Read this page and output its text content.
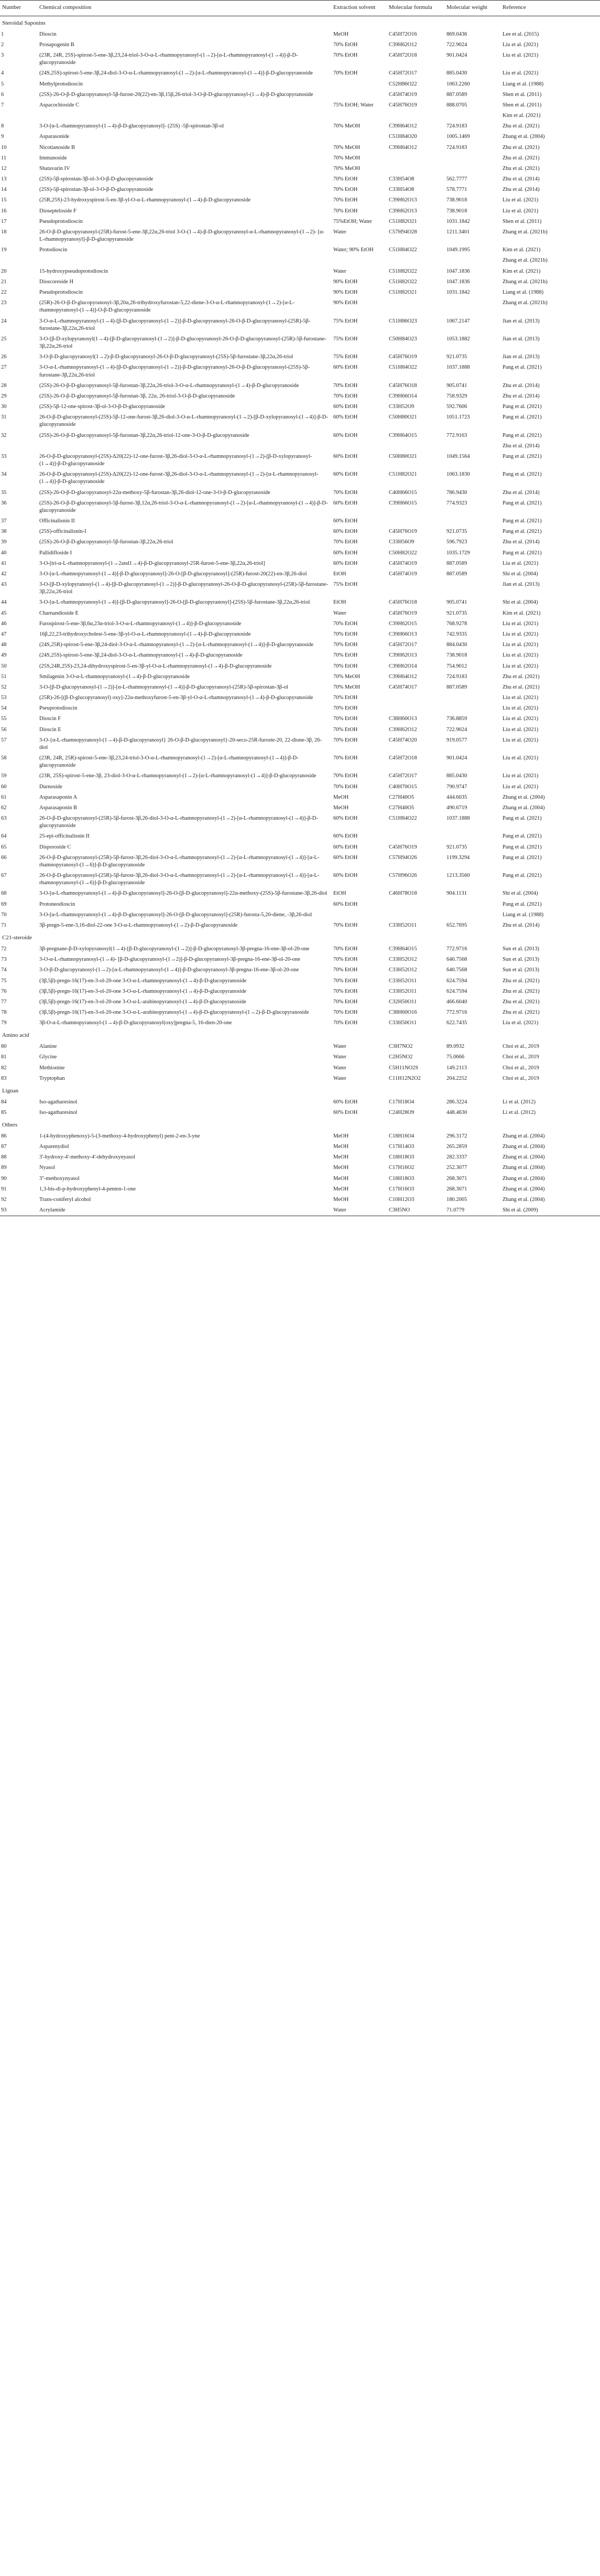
Number	Chemical composition	Extraction solvent	Molecular formula	Molecular weight	Reference
Steroidal Saponins					
1	Dioscin	MeOH	C45H72O16	869.0436	Lee et al. (2015)
2	Prosapogenin B	70% EtOH	C39H62O12	722.9024	Liu et al. (2021)
3	(23R, 24R, 25S)-spirost-5-ene-3β,23,24-triol-3-O-α-L-rhamnopyranosyl-(1→2)-[α-L-rhamnopyranosyl-(1→4)]-β-D-glucopyranoside	70% EtOH	C45H72O18	901.0424	Liu et al. (2021)
4	(24S,25S)-spirost-5-ene-3β,24-diol-3-O-α-L-rhamnopyranosyl-(1→2)-[α-L-rhamnopyranosyl-(1→4)]-β-D-glucopyranoside	70% EtOH	C45H72O17	885.0430	Liu et al. (2021)
5	Methylprotodioscin		C52H86O22	1063.2260	Liang et al. (1988)
6	(25S)-26-O-β-D-glucopyranosyl-5β-furost-20(22)-en-3β,15β,26-triol-3-O-β-D-glucopyranosyl-(1→4)-β-D-glucopyranoside		C45H74O19	887.0589	Shen et al. (2011)
7	Aspacochioside C	75% EtOH; Water	C45H76O19	888.0705	Shen et al. (2011)
					Kim et al. (2021)
8	3-O-[α-L-rhamnopyranosyl-(1→4)-β-D-glucopyranosyl]- (25S) -5β-spirostan-3β-ol	70% MeOH	C39H64O12	724.9183	Zhu et al. (2021)
9	Asparasonide		C51H84O20	1005.1469	Zhang et al. (2004)
10	Nicotianoside B	70% MeOH	C39H64O12	724.9183	Zhu et al. (2021)
11	Immunoside	70% MeOH			Zhu et al. (2021)
12	Shatavarin IV	70% MeOH			Zhu et al. (2021)
13	(25S)-5β-spirostan-3β-ol-3-O-β-D-glucopyranoside	70% EtOH	C33H54O8	562.7777	Zhu et al. (2014)
14	(25S)-5β-spirostan-3β-ol-3-O-β-D-glucopyranoside	70% EtOH	C33H54O8	578.7771	Zhu et al. (2014)
15	(25R,25S)-23-hydroxyspirost-5-en-3β-yl-O-α-L-rhamnopyranosyl-(1→4)-β-D-glucopyranoside	70% EtOH	C39H62O13	738.9018	Liu et al. (2021)
16	Diosepteloside F	70% EtOH	C39H62O13	738.9018	Liu et al. (2021)
17	Pseudoprotodioscin	75%EtOH; Water	C51H82O21	1031.1842	Shen et al. (2011)
18	26-O-β-D-glucopyranosyl-(25R)-furost-5-ene-3β,22α,26-triol 3-O-(1→4)-β-D-glucopyranosyl-α-L-rhamnopyranosyl-(1→2)- [α-L-rhamnopyranosyl]-β-D-glucopyranoside	Water	C57H94O28	1211.3401	Zhang et al. (2021b)
19	Protodioscin	Water; 90% EtOH	C51H84O22	1049.1995	Kim et al. (2021)
					Zhang et al. (2021b)
20	15-hydroxypseudoprotodioscin	Water	C51H82O22	1047.1836	Kim et al. (2021)
21	Dioscoreside H	90% EtOH	C51H82O22	1047.1836	Zhang et al. (2021b)
22	Pseudoprotodioscin	90% EtOH	C51H82O21	1031.1842	Liang et al. (1988)
23	(25R)-26-O-β-D-glucopyranosyl-3β,20α,26-trihydroxyfurostan-5,22-diene-3-O-α-L-rhamnopyranosyl-(1→2)-[α-L-rhamnopyranosyl-(1→4)]-O-β-D-glucopyranoside	90% EtOH			Zhang et al. (2021b)
24	3-O-α-L-rhamnopyranosyl-(1→4)-[β-D-glucopyranosyl-(1→2)]-β-D-glucopyranosyl-26-O-β-D-glucopyranosyl-(25R)-5β-furostane-3β,22α,26-triol	75% EtOH	C51H86O23	1067.2147	Jian et al. (2013)
25	3-O-[β-D-xylopyranosyl(1→4)-[β-D-glucopyranosyl-(1→2)]-β-D-glucopyranosyl-26-O-β-D-glucopyranosyl-(25R)-5β-furostane-3β,22α,26-triol	75% EtOH	C50H84O23	1053.1882	Jian et al. (2013)
26	3-O-β-D-glucopyranosyl(1→2)-β-D-glucopyranosyl-26-O-β-D-glucopyranosyl-(25S)-5β-furostane-3β,22α,26-triol	75% EtOH	C45H76O19	921.0735	Jian et al. (2013)
27	3-O-α-L-rhamnopyranosyl-(1→4)-[β-D-glucopyranosyl-(1→2)]-β-D-glucopyranosyl-26-O-β-D-glucopyranosyl-(25S)-5β-furostane-3β,22α,26-triol	60% EtOH	C51H84O22	1037.1888	Pang et al. (2021)
28	(25S)-26-O-β-D-glucopyranosyl-5β-furostan-3β,22α,26-triol-3-O-α-L-rhamnopyranosyl-(1→4)-β-D-glucopyranoside	70% EtOH	C45H76O18	905.0741	Zhu et al. (2014)
29	(25S)-26-O-β-D-glucopyranosyl-5β-furostan-3β, 22α, 26-triol-3-O-β-D-glucopyranoside	70% EtOH	C39H66O14	758.9329	Zhu et al. (2014)
30	(25S)-5β-12-one-spirost-3β-ol-3-O-β-D-glucopyranoside	60% EtOH	C33H52O9	592.7606	Pang et al. (2021)
31	26-O-β-D-glucopyranosyl-(25S)-5β-12-one-furost-3β,26-diol-3-O-α-L-rhamnopyranosyl-(1→2)-[β-D-xylopyranosyl-(1→4)]-β-D-glucopyranoside	60% EtOH	C50H80O21	1051.1723	Pang et al. (2021)
32	(25S)-26-O-β-D-glucopyranosyl-5β-furostan-3β,22α,26-triol-12-one-3-O-β-D-glucopyranoside	60% EtOH	C39H64O15	772.9163	Pang et al. (2021)
					Zhu et al. (2014)
33	26-O-β-D-glucopyranosyl-(25S)-Δ20(22)-12-one-furost-3β,26-diol-3-O-α-L-rhamnopyranosyl-(1→2)-[β-D-xylopyranosyl-(1→4)]-β-D-glucopyranoside	60% EtOH	C50H80O21	1049.1564	Pang et al. (2021)
34	26-O-β-D-glucopyranosyl-(25S)-Δ20(22)-12-one-furost-3β,26-diol-3-O-α-L-rhamnopyranosyl-(1→2)-[α-L-rhamnopyranosyl-(1→4)]-β-D-glucopyranoside	60% EtOH	C51H82O21	1063.1830	Pang et al. (2021)
35	(25S)-26-O-β-D-glucopyranosyl-22α-methoxy-5β-furostan-3β,26-diol-12-one-3-O-β-D-glucopyranoside	70% EtOH	C40H66O15	786.9430	Zhu et al. (2014)
36	(25S)-26-O-β-D-glucopyranosyl-5β-furost-3β,12α,26-triol-3-O-α-L-rhamnopyranosyl-(1→2)-[α-L-rhamnopyranosyl-(1→4)]-β-D-glucopyranoside	60% EtOH	C39H66O15	774.9323	Pang et al. (2021)
37	Officinalisnin II	60% EtOH			Pang et al. (2021)
38	(25S)-officinalisnin-I	60% EtOH	C45H76O19	921.0735	Pang et al. (2021)
39	(25S)-26-O-β-D-glucopyranosyl-5β-furostan-3β,22α,26-triol	70% EtOH	C33H56O9	596.7923	Zhu et al. (2014)
40	Pallidifloside I	60% EtOH	C50H82O22	1035.1729	Pang et al. (2021)
41	3-O-[tri-α-L-rhamnopyranosyl-(1→2and1→4)-β-D-glucopyranosyl-25R-furost-5-ene-3β,22α,26-triol]	60% EtOH	C45H74O19	887.0589	Liu et al. (2021)
42	3-O-[α-L-rhamnopyranosyl-(1→4)]-β-D-glucopyranosyl]-26-O-[β-D-glucopyranosyl]-(25R)-furost-20(22)-en-3β,26-diol	EtOH	C45H74O19	887.0589	Shi et al. (2004)
43	3-O-[β-D-xylopyranosyl-(1→4)-[β-D-glucopyranosyl-(1→2)]-β-D-glucopyranosyl-26-O-β-D-glucopyranosyl-(25R)-5β-furostane-3β,22α,26-triol	75% EtOH			Jian et al. (2013)
44	3-O-[α-L-rhamnopyranosyl-(1→4)]-[β-D-glucopyranosyl]-26-O-[β-D-glucopyranosyl]-(25S)-5β-furostane-3β,22α,26-triol	EtOH	C45H76O18	905.0741	Shi et al. (2004)
45	Charnandioside E	Water	C45H76O19	921.0735	Kim et al. (2021)
46	Furospirost-5-ene-3β,6α,23α-triol-3-O-α-L-rhamnopyranosyl-(1→4)]-β-D-glucopyranoside	70% EtOH	C39H62O15	768.9278	Liu et al. (2021)
47	16β,22,23-trihydroxycholest-5-ene-3β-yl-O-α-L-rhamnopyranosyl-(1→4)-β-D-glucopyranoside	70% EtOH	C39H66O13	742.9335	Liu et al. (2021)
48	(24S,25R)-spirost-5-ene-3β,24-diol-3-O-α-L-rhamnopyranosyl-(1→2)-[α-L-rhamnopyranosyl-(1→4)]-β-D-glucopyranoside	70% EtOH	C45H72O17	884.0430	Liu et al. (2021)
49	(24S,25S)-spirost-5-ene-3β,24-diol-3-O-α-L-rhamnopyranosyl-(1→4)-β-D-glucopyranoside	70% EtOH	C39H62O13	738.9018	Liu et al. (2021)
50	(25S,24R,25S)-23,24-dihydroxyspirost-5-en-3β-yl-O-α-L-rhamnopyranosyl-(1→4)-β-D-glucopyranoside	70% EtOH	C39H62O14	754.9012	Liu et al. (2021)
51	Smilagenin 3-O-α-L-rhamnopyranosyl-(1→4)-β-D-glucopyranoside	70% MeOH	C39H64O12	724.9183	Zhu et al. (2021)
52	3-O-[β-D-glucopyranosyl-(1→2)]-[α-L-rhamnopyranosyl-(1→4)]-β-D-glucopyranosyl-(25R)-5β-spirostan-3β-ol	70% MeOH	C45H74O17	887.0589	Zhu et al. (2021)
53	(25R)-26-[(β-D-glucopyranosyl) oxy]-22α-methoxyfurost-5-en-3β-yl-O-α-L-rhamnopyranosyl-(1→4)-β-D-glucopyranoside	70% EtOH			Liu et al. (2021)
54	Pseuprotodioscin	70% EtOH			Liu et al. (2021)
55	Dioscin F	70% EtOH	C38H60O13	736.8859	Liu et al. (2021)
56	Dioscin E	70% EtOH	C39H62O12	722.9024	Liu et al. (2021)
57	3-O-{α-L-rhamnopyranosyl-(1→4)-β-D-glucopyranosyl} 26-O-β-D-glucopyranosyl}-20-seco-25R-furoste-20, 22-dione-3β, 26-diol	70% EtOH	C45H74O20	919.0577	Liu et al. (2021)
58	(23R, 24R, 25R)-spirost-5-ene-3β,23,24-triol-3-O-α-L-rhamnopyranosyl-(1→2)-[α-L-rhamnopyranosyl-(1→4)]-β-D-glucopyranoside	70% EtOH	C45H72O18	901.0424	Liu et al. (2021)
59	(23R, 25S)-spirost-5-ene-3β, 23-diol-3-O-α-L-rhamnopyranosyl-(1→2)-[α-L-rhamnopyranosyl-(1→4)]-β-D-glucopyranoside	70% EtOH	C45H72O17	885.0430	Liu et al. (2021)
60	Durnoside	70% EtOH	C40H70O15	790.9747	Liu et al. (2021)
61	Asparasaponin A	MeOH	C27H40O5	444.6035	Zhang et al. (2004)
62	Asparasaponin B	MeOH	C27H40O5	490.6719	Zhang et al. (2004)
63	26-O-β-D-glucopyranosyl-(25R)-5β-furost-3β,26-diol-3-O-α-L-rhamnopyranosyl-(1→2)-[α-L-rhamnopyranosyl-(1→4)]-β-D-glucopyranoside	60% EtOH	C51H84O22	1037.1888	Pang et al. (2021)
64	25-epi-officinalisnin II	60% EtOH			Pang et al. (2021)
65	Disporoside C	60% EtOH	C45H76O19	921.0735	Pang et al. (2021)
66	26-O-β-D-glucopyranosyl-(25R)-5β-furost-3β,26-diol-3-O-α-L-rhamnopyranosyl-(1→2)-[α-L-rhamnopyranosyl-(1→4)]-[α-L-rhamnopyranosyl-(1→6)]-β-D-glucopyranoside	60% EtOH	C57H94O26	1199.3294	Pang et al. (2021)
67	26-O-β-D-glucopyranosyl-(25R)-5β-furost-3β,26-diol-3-O-α-L-rhamnopyranosyl-(1→2)-[α-L-rhamnopyranosyl-(1→4)]-[α-L-rhamnopyranosyl-(1→6)]-β-D-glucopyranoside	60% EtOH	C57H96O26	1213.3560	Pang et al. (2021)
68	3-O-[α-L-rhamnopyranosyl-(1→4)-β-D-glucopyranosyl]-26-O-[β-D-glucopyranosyl]-22α-methoxy-(25S)-5β-furostane-3β,26-diol	EtOH	C46H78O18	904.1131	Shi et al. (2004)
69	Protoneodioscin	60% EtOH			Pang et al. (2021)
70	3-O-[α-L-rhamnopyranosyl-(1→4)-β-D-glucopyranosyl]-26-O-[β-D-glucopyranosyl]-(25R)-furosta-5,20-diene, -3β,26-diol				Liang et al. (1988)
71	3β-pregn-5-ene-3,16-diol-22-one 3-O-α-L-rhamnopyranosyl-(1→2)-β-D-glucopyranoside	70% EtOH	C33H52O11	652.7695	Zhu et al. (2014)
C21-steroide					
72	3β-pregnane-β-D-xylopyranosyl(1→4)-[β-D-glucopyranosyl-(1→2)]-β-D-glucopyranosyl-3β-pregna-16-ene-3β-ol-20-one	70% EtOH	C39H64O15	772.9716	Sun et al. (2013)
73	3-O-α-L-rhamnopyranosyl-(1→4)- [β-D-glucopyranosyl-(1→2)]-β-D-glucopyranosyl-3β-pregna-16-ene-3β-ol-20-one	70% EtOH	C33H52O12	640.7568	Sun et al. (2013)
74	3-O-β-D-glucopyranosyl-(1→2)-[α-L-rhamnopyranosyl-(1→4)]-β-D-glucopyranosyl-3β-pregna-16-ene-3β-ol-20-one	70% EtOH	C33H52O12	640.7568	Sun et al. (2013)
75	(3β,5β)-pregn-16(17)-en-3-ol-20-one 3-O-α-L-rhamnopyranosyl-(1→4)-β-D-glucopyranoside	70% EtOH	C33H52O11	624.7594	Zhu et al. (2021)
76	(3β,5β)-pregn-16(17)-en-3-ol-20-one 3-O-α-L-rhamnopyranosyl-(1→4)-β-D-glucopyranoside	70% EtOH	C33H52O11	624.7594	Zhu et al. (2021)
77	(3β,5β)-pregn-16(17)-en-3-ol-20-one 3-O-α-L-arabinopyranosyl-(1→4)-β-D-glucopyranoside	70% EtOH	C32H50O11	466.6040	Zhu et al. (2021)
78	(3β,5β)-pregn-16(17)-en-3-ol-20-one 3-O-α-L-arabinopyranosyl-(1→4)-β-D-glucopyranosyl-(1→2)-β-D-glucopyranoside	70% EtOH	C38H60O16	772.9716	Zhu et al. (2021)
79	3β-O-α-L-rhamnopyranosyl-(1→4)-β-D-glucopyranosyl(oxy]pregna-5, 16-dien-20-one	70% EtOH	C33H50O11	622.7435	Liu et al. (2021)
Amino acid					
80	Alanine	Water	C3H7NO2	89.0932	Choi et al., 2019
81	Glycine	Water	C2H5NO2	75.0666	Choi et al., 2019
82	Methionine	Water	C5H11NO2S	149.2113	Choi et al., 2019
83	Tryptophan	Water	C11H12N2O2	204.2252	Choi et al., 2019
Lignan					
84	Iso-agatharesinol	60% EtOH	C17H18O4	286.3224	Li et al. (2012)
85	Iso-agatharesinol	60% EtOH	C24H28O9	448.4630	Li et al. (2012)
Others					
86	1-(4-hydroxyphenoxy)-5-(3-methoxy-4-hydroxyphenyl) pent-2-en-3-yne	MeOH	C18H16O4	296.3172	Zhang et al. (2004)
87	Asparenydiol	MeOH	C17H14O3	265.2859	Zhang et al. (2004)
88	3'-hydroxy-4'-methoxy-4'-dehydroxynyasol	MeOH	C18H18O3	282.3337	Zhang et al. (2004)
89	Nyasol	MeOH	C17H16O2	252.3077	Zhang et al. (2004)
90	3''-methoxynyasol	MeOH	C18H18O3	268.3071	Zhang et al. (2004)
91	1,3-bis-di-p-hydroxyphenyl-4-penten-1-one	MeOH	C17H16O3	268.3071	Zhang et al. (2004)
92	Trans-coniferyl alcohol	MeOH	C10H12O3	180.2005	Zhang et al. (2004)
93	Acrylamide	Water	C3H5NO	71.0779	Shi et al. (2009)
